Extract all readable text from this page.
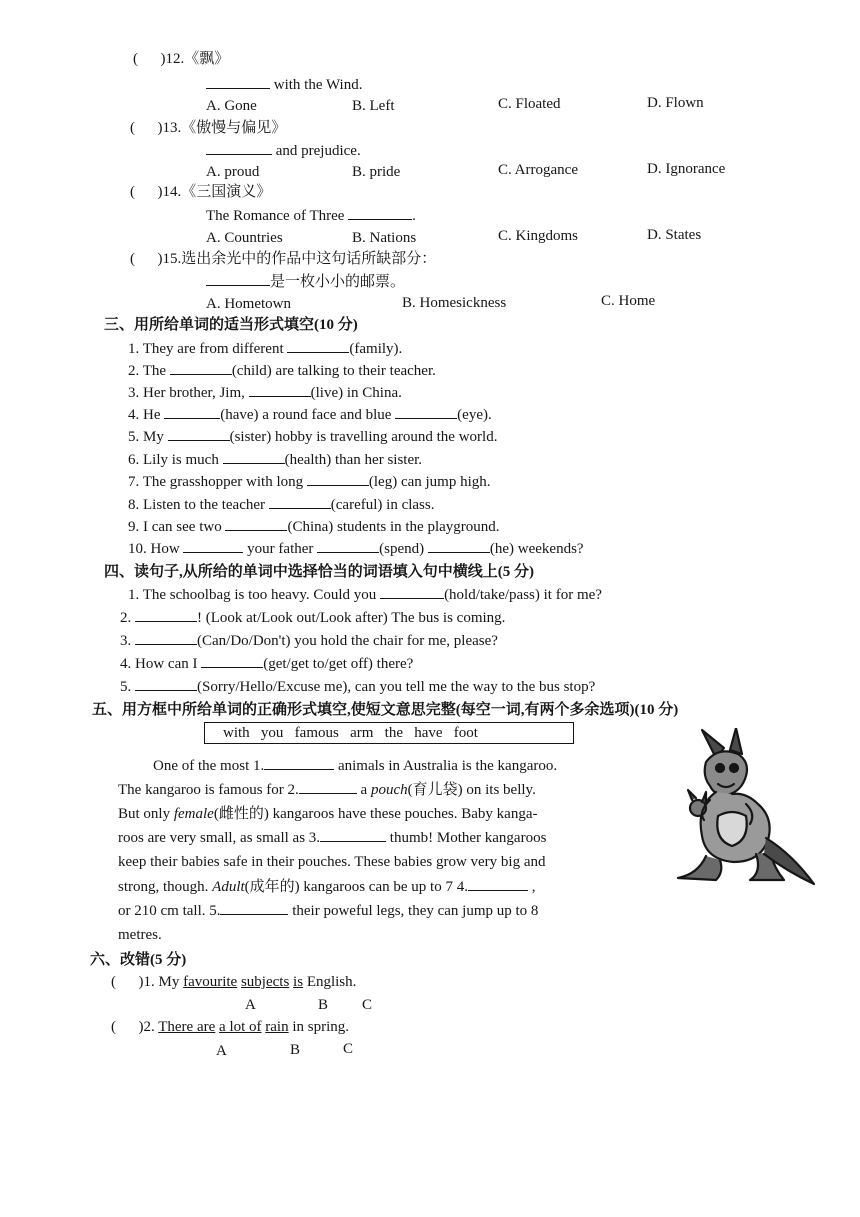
(      )12.《飘》
with the Wind.
A. Gone	B. Left	C. Floated	D. Flown
(      )13.《傲慢与偏见》
and prejudice.
A. proud	B. pride	C. Arrogance	D. Ignorance
(      )14.《三国演义》
The Romance of Three	.
A. Countries	B. Nations	C. Kingdoms	D. States
(      )15.选出余光中的作品中这句话所缺部分：
是一枚小小的邮票。
A. Hometown	B. Homesickness	C. Home
三、用所给单词的适当形式填空(10 分)
1. They are from different	(family).
2. The	(child) are talking to their teacher.
3. Her brother, Jim,	(live) in China.
4. He	(have) a round face and blue	(eye).
5. My	(sister) hobby is travelling around the world.
6. Lily is much	(health) than her sister.
7. The grasshopper with long	(leg) can jump high.
8. Listen to the teacher	(careful) in class.
9. I can see two	(China) students in the playground.
10. How	your father	(spend)	(he) weekends?
四、读句子,从所给的单词中选择恰当的词语填入句中横线上(5 分)
1. The schoolbag is too heavy. Could you	(hold/take/pass) it for me?
2.	! (Look at/Look out/Look after) The bus is coming.
3.	(Can/Do/Don't) you hold the chair for me, please?
4. How can I	(get/get to/get off) there?
5.	(Sorry/Hello/Excuse me), can you tell me the way to the bus stop?
五、用方框中所给单词的正确形式填空,使短文意思完整(每空一词,有两个多余选项)(10 分)
with   you   famous   arm   the   have   foot
One of the most 1.	animals in Australia is the kangaroo.
The kangaroo is famous for 2.	a pouch(育儿袋) on its belly.
But only female(雌性的) kangaroos have these pouches. Baby kanga-
roos are very small, as small as 3.	thumb! Mother kangaroos
keep their babies safe in their pouches. These babies grow very big and
strong, though. Adult(成年的) kangaroos can be up to 7 4.	,
or 210 cm tall. 5.	their poweful legs, they can jump up to 8
metres.
六、改错(5 分)
(      )1. My favourite subjects is English.
A	B C
(      )2. There are a lot of rain in spring.
A	B	C
